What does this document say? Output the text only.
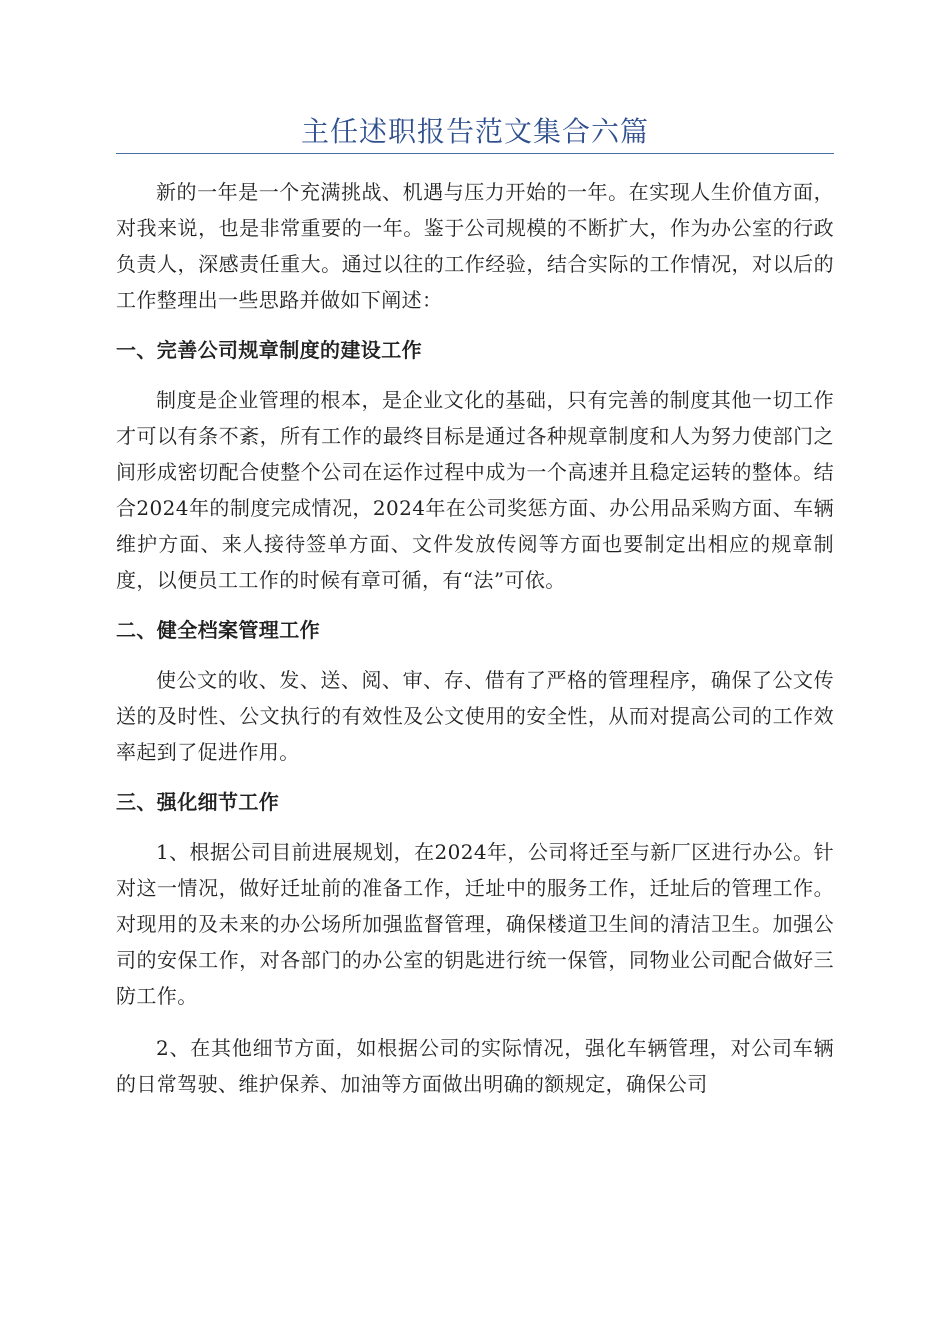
主任述职报告范文集合六篇

新的一年是一个充满挑战、机遇与压力开始的一年。在实现人生价值方面，对我来说，也是非常重要的一年。鉴于公司规模的不断扩大，作为办公室的行政负责人，深感责任重大。通过以往的工作经验，结合实际的工作情况，对以后的工作整理出一些思路并做如下阐述：

一、完善公司规章制度的建设工作

制度是企业管理的根本，是企业文化的基础，只有完善的制度其他一切工作才可以有条不紊，所有工作的最终目标是通过各种规章制度和人为努力使部门之间形成密切配合使整个公司在运作过程中成为一个高速并且稳定运转的整体。结合2024年的制度完成情况，2024年在公司奖惩方面、办公用品采购方面、车辆维护方面、来人接待签单方面、文件发放传阅等方面也要制定出相应的规章制度，以便员工工作的时候有章可循，有“法”可依。

二、健全档案管理工作

使公文的收、发、送、阅、审、存、借有了严格的管理程序，确保了公文传送的及时性、公文执行的有效性及公文使用的安全性，从而对提高公司的工作效率起到了促进作用。

三、强化细节工作

1、根据公司目前进展规划，在2024年，公司将迁至与新厂区进行办公。针对这一情况，做好迁址前的准备工作，迁址中的服务工作，迁址后的管理工作。对现用的及未来的办公场所加强监督管理，确保楼道卫生间的清洁卫生。加强公司的安保工作，对各部门的办公室的钥匙进行统一保管，同物业公司配合做好三防工作。

2、在其他细节方面，如根据公司的实际情况，强化车辆管理，对公司车辆的日常驾驶、维护保养、加油等方面做出明确的额规定，确保公司
